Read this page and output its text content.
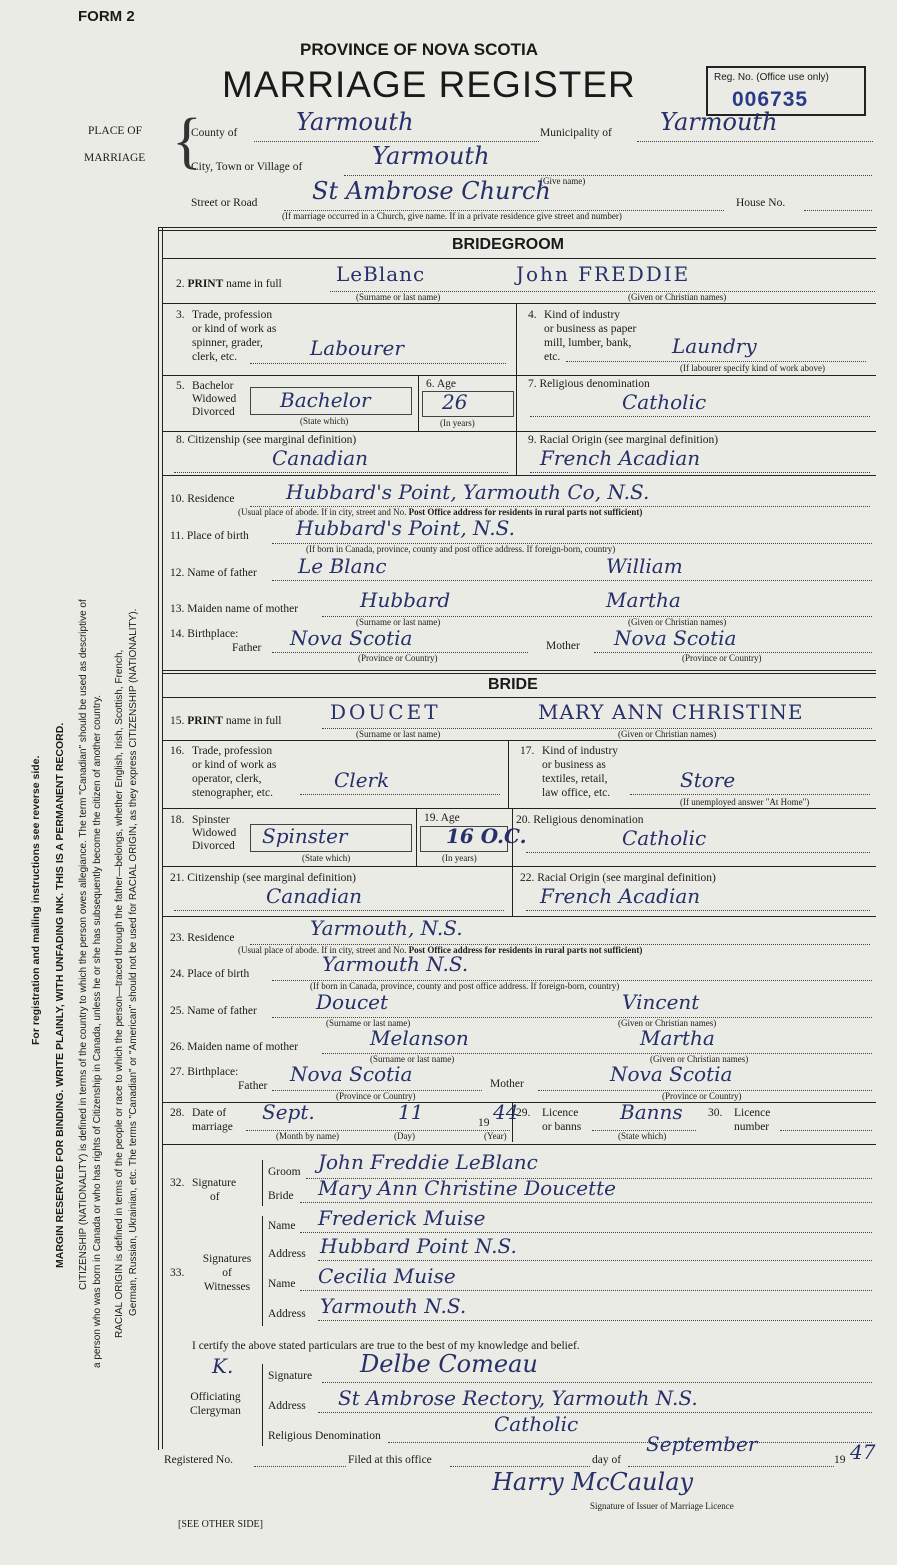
FORM 2
PROVINCE OF NOVA SCOTIA
MARRIAGE REGISTER	Reg. No. (Office use only)
006735
PLACE OF
MARRIAGE {
County of Yarmouth	Municipality of Yarmouth
City, Town or Village of	Yarmouth
(Give name)
Street or Road St Ambrose Church	House No.
(If marriage occurred in a Church, give name. If in a private residence give street and number)
For registration and mailing instructions see reverse side. MARGIN RESERVED FOR BINDING. WRITE PLAINLY, WITH UNFADING INK. THIS IS A PERMANENT RECORD. CITIZENSHIP (NATIONALITY) is defined in terms of the country to which the person owes allegiance. The term "Canadian" should be used as descriptive of a person who was born in Canada or who has rights of Citizenship in Canada, unless he or she has subsequently become the citizen of another country. RACIAL ORIGIN is defined in terms of the people or race to which the person—traced through the father—belongs, whether English, Irish, Scottish, French, German, Russian, Ukrainian, etc. The terms "Canadian" or "American" should not be used for RACIAL ORIGIN, as they express CITIZENSHIP (NATIONALITY).
BRIDEGROOM
2. PRINT name in full	LeBlanc	John FREDDIE
(Surname or last name)	(Given or Christian names)
3. Trade, profession
or kind of work as
spinner, grader,
clerk, etc.	Labourer
4. Kind of industry
or business as paper
mill, lumber, bank,
etc.	Laundry
(If labourer specify kind of work above)
5. Bachelor
Widowed
Divorced Bachelor
(State which)
6. Age
26
(In years)
7. Religious denomination
Catholic
8. Citizenship (see marginal definition)
Canadian
9. Racial Origin (see marginal definition)
French Acadian
10. Residence	Hubbard's Point, Yarmouth Co, N.S.
(Usual place of abode. If in city, street and No. Post Office address for residents in rural parts not sufficient)
11. Place of birth Hubbard's Point, N.S.
(If born in Canada, province, county and post office address. If foreign-born, country)
12. Name of father Le Blanc	William
13. Maiden name of mother	Hubbard	Martha
(Surname or last name)	(Given or Christian names)
14. Birthplace:
Father Nova Scotia	Mother Nova Scotia
(Province or Country)	(Province or Country)
BRIDE
15. PRINT name in full DOUCET	MARY ANN CHRISTINE
(Surname or last name)	(Given or Christian names)
16. Trade, profession
or kind of work as
operator, clerk,
stenographer, etc.
Clerk
17. Kind of industry
or business as
textiles, retail,
law office, etc.
Store
(If unemployed answer "At Home")
18. Spinster
Widowed
Divorced Spinster
(State which)
19. Age
16 O.C.
(In years)
20. Religious denomination
Catholic
21. Citizenship (see marginal definition)
Canadian
22. Racial Origin (see marginal definition)
French Acadian
23. Residence	Yarmouth, N.S.
(Usual place of abode. If in city, street and No. Post Office address for residents in rural parts not sufficient)
24. Place of birth	Yarmouth N.S.
(If born in Canada, province, county and post office address. If foreign-born, country)
25. Name of father	Doucet	Vincent
(Surname or last name)	(Given or Christian names)
26. Maiden name of mother	Melanson	Martha
(Surname or last name)	(Given or Christian names)
27. Birthplace:
Father Nova Scotia	Mother	Nova Scotia
(Province or Country)	(Province or Country)
28. Date of
marriage
Sept.	11	19 44
(Month by name)	(Day)	(Year)
29. Licence
or banns
Banns
(State which)
30. Licence
number
32. Signature
of
Groom John Freddie LeBlanc
Bride Mary Ann Christine Doucette
33.
Signatures
of
Witnesses
Name Frederick Muise
Address Hubbard Point N.S.
Name Cecilia Muise
Address Yarmouth N.S.
I certify the above stated particulars are true to the best of my knowledge and belief.
K.
Officiating
Clergyman
Signature Delbe Comeau
Address St Ambrose Rectory, Yarmouth N.S.
Religious Denomination	Catholic
Registered No.	Filed at this office	day of
September
19 47
Harry McCaulay
Signature of Issuer of Marriage Licence
[SEE OTHER SIDE]
